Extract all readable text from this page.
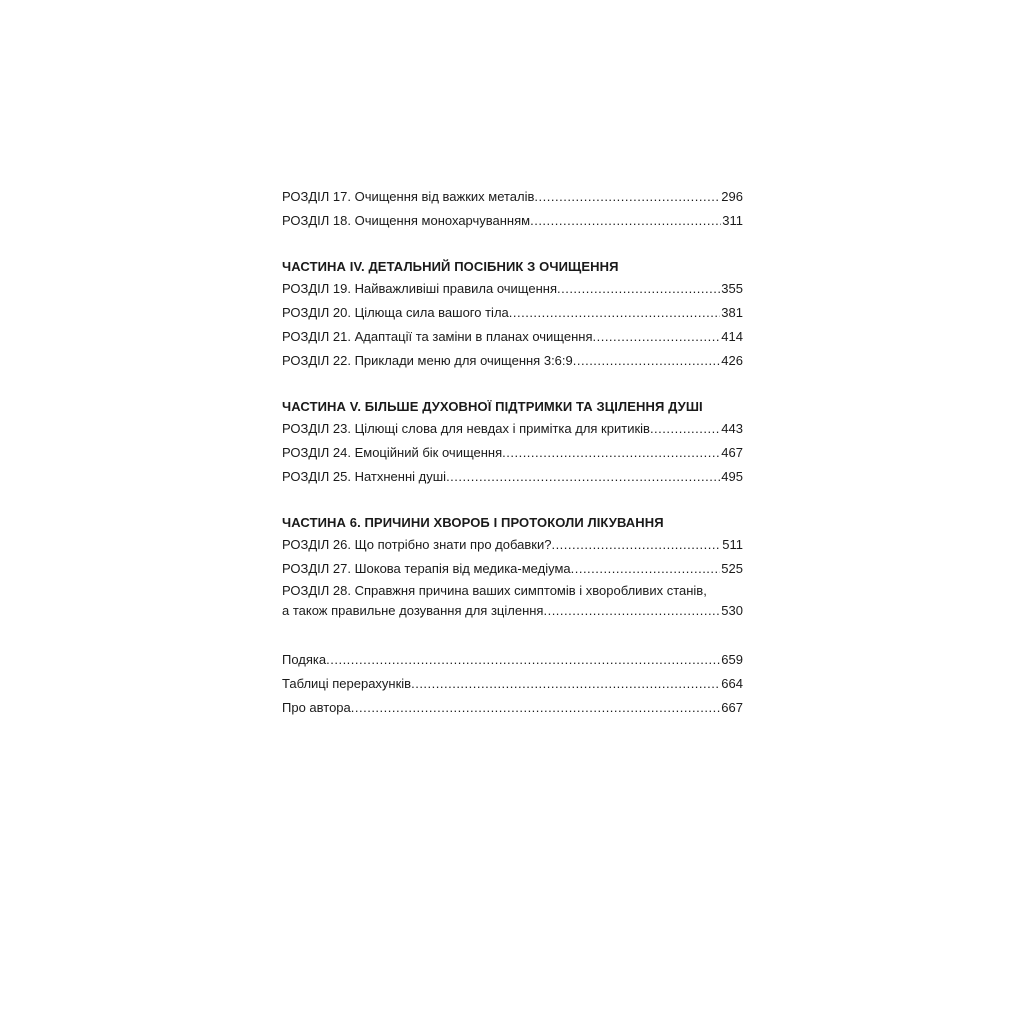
РОЗДІЛ 17. Очищення від важких металів .....	296
РОЗДІЛ 18. Очищення монохарчуванням .....	311
ЧАСТИНА IV. ДЕТАЛЬНИЙ ПОСІБНИК З ОЧИЩЕННЯ
РОЗДІЛ 19. Найважливіші правила очищення .....	355
РОЗДІЛ 20. Цілюща сила вашого тіла .....	381
РОЗДІЛ 21. Адаптації та заміни в планах очищення .....	414
РОЗДІЛ 22. Приклади меню для очищення 3:6:9 .....	426
ЧАСТИНА V. БІЛЬШЕ ДУХОВНОЇ ПІДТРИМКИ ТА ЗЦІЛЕННЯ ДУШІ
РОЗДІЛ 23. Цілющі слова для невдах і примітка для критиків .....	443
РОЗДІЛ 24. Емоційний бік очищення .....	467
РОЗДІЛ 25. Натхненні душі .....	495
ЧАСТИНА 6. ПРИЧИНИ ХВОРОБ І ПРОТОКОЛИ ЛІКУВАННЯ
РОЗДІЛ 26. Що потрібно знати про добавки? .....	511
РОЗДІЛ 27. Шокова терапія від медика-медіума .....	525
РОЗДІЛ 28. Справжня причина ваших симптомів і хворобливих станів,
а також правильне дозування для зцілення .....	530
Подяка .....	659
Таблиці перерахунків .....	664
Про автора .....	667
